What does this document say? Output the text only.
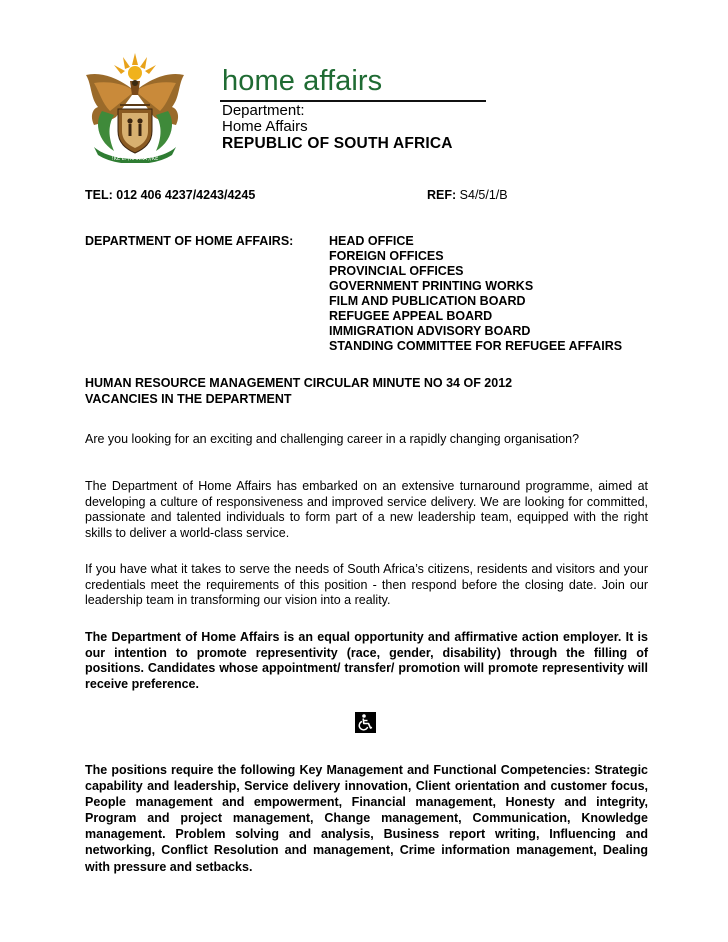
!KE E: /XARRA //KE
home affairs
Department:
Home Affairs
REPUBLIC OF SOUTH AFRICA
TEL: 012 406 4237/4243/4245	REF: S4/5/1/B
DEPARTMENT OF HOME AFFAIRS:	HEAD OFFICE
FOREIGN OFFICES
PROVINCIAL OFFICES
GOVERNMENT PRINTING WORKS
FILM AND PUBLICATION BOARD
REFUGEE APPEAL BOARD
IMMIGRATION ADVISORY BOARD
STANDING COMMITTEE FOR REFUGEE AFFAIRS
HUMAN RESOURCE MANAGEMENT CIRCULAR MINUTE NO 34 OF 2012
VACANCIES IN THE DEPARTMENT
Are you looking for an exciting and challenging career in a rapidly changing organisation?
The Department of Home Affairs has embarked on an extensive turnaround programme, aimed at developing a culture of responsiveness and improved service delivery. We are looking for committed, passionate and talented individuals to form part of a new leadership team, equipped with the right skills to deliver a world-class service.
If you have what it takes to serve the needs of South Africa’s citizens, residents and visitors and your credentials meet the requirements of this position - then respond before the closing date. Join our leadership team in transforming our vision into a reality.
The Department of Home Affairs is an equal opportunity and affirmative action employer. It is our intention to promote representivity (race, gender, disability) through the filling of positions. Candidates whose appointment/ transfer/ promotion will promote representivity will receive preference.
The positions require the following Key Management and Functional Competencies: Strategic capability and leadership, Service delivery innovation, Client orientation and customer focus, People management and empowerment, Financial management, Honesty and integrity, Program and project management, Change management, Communication, Knowledge management. Problem solving and analysis, Business report writing, Influencing and networking, Conflict Resolution and management, Crime information management, Dealing with pressure and setbacks.
